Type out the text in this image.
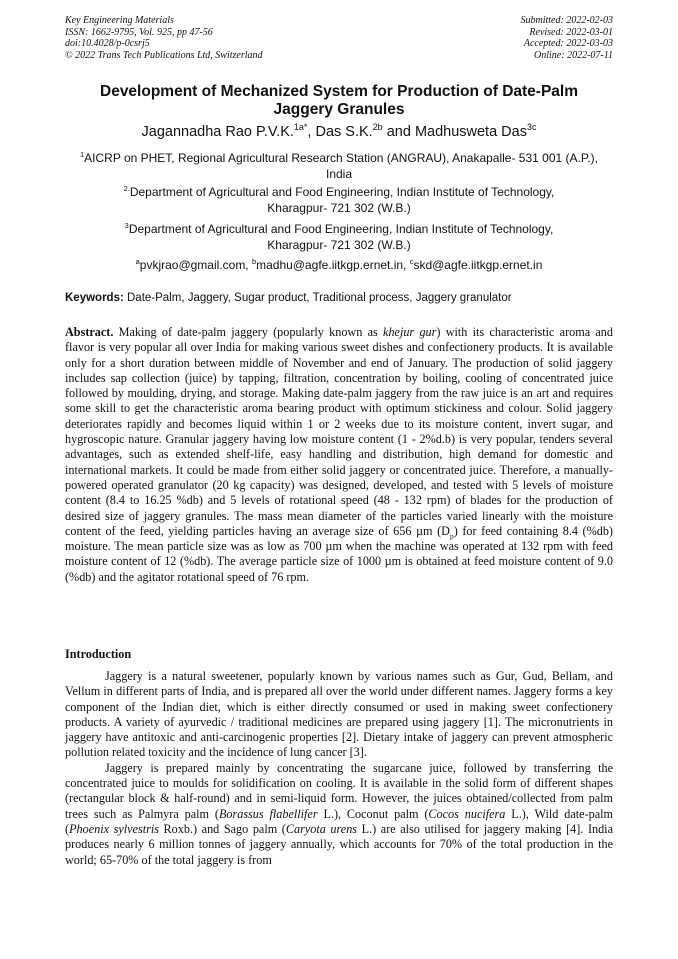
Key Engineering Materials
ISSN: 1662-9795, Vol. 925, pp 47-56
doi:10.4028/p-0csrj5
© 2022 Trans Tech Publications Ltd, Switzerland
Submitted: 2022-02-03
Revised: 2022-03-01
Accepted: 2022-03-03
Online: 2022-07-11
Development of Mechanized System for Production of Date-Palm
Jaggery Granules
Jagannadha Rao P.V.K.$^{1a*}$, Das S.K.$^{2b}$ and Madhusweta Das$^{3c}$
$^1$AICRP on PHET, Regional Agricultural Research Station (ANGRAU), Anakapalle- 531 001 (A.P.),
India
$^{2.}$Department of Agricultural and Food Engineering, Indian Institute of Technology,
Kharagpur- 721 302 (W.B.)
$^3$Department of Agricultural and Food Engineering, Indian Institute of Technology,
Kharagpur- 721 302 (W.B.)
$^a$pvkjrao@gmail.com, $^b$madhu@agfe.iitkgp.ernet.in, $^c$skd@agfe.iitkgp.ernet.in
Keywords: Date-Palm, Jaggery, Sugar product, Traditional process, Jaggery granulator
Abstract. Making of date-palm jaggery (popularly known as khejur gur) with its characteristic aroma and flavor is very popular all over India for making various sweet dishes and confectionery products. It is available only for a short duration between middle of November and end of January. The production of solid jaggery includes sap collection (juice) by tapping, filtration, concentration by boiling, cooling of concentrated juice followed by moulding, drying, and storage. Making date-palm jaggery from the raw juice is an art and requires some skill to get the characteristic aroma bearing product with optimum stickiness and colour. Solid jaggery deteriorates rapidly and becomes liquid within 1 or 2 weeks due to its moisture content, invert sugar, and hygroscopic nature. Granular jaggery having low moisture content (1 - 2%d.b) is very popular, tenders several advantages, such as extended shelf-life, easy handling and distribution, high demand for domestic and international markets. It could be made from either solid jaggery or concentrated juice. Therefore, a manually-powered operated granulator (20 kg capacity) was designed, developed, and tested with 5 levels of moisture content (8.4 to 16.25 %db) and 5 levels of rotational speed (48 - 132 rpm) of blades for the production of desired size of jaggery granules. The mass mean diameter of the particles varied linearly with the moisture content of the feed, yielding particles having an average size of 656 µm $(D_p)$ for feed containing 8.4 (%db) moisture. The mean particle size was as low as 700 µm when the machine was operated at 132 rpm with feed moisture content of 12 (%db). The average particle size of 1000 µm is obtained at feed moisture content of 9.0 (%db) and the agitator rotational speed of 76 rpm.
Introduction

Jaggery is a natural sweetener, popularly known by various names such as Gur, Gud, Bellam, and Vellum in different parts of India, and is prepared all over the world under different names. Jaggery forms a key component of the Indian diet, which is either directly consumed or used in making sweet confectionery products. A variety of ayurvedic / traditional medicines are prepared using jaggery [1]. The micronutrients in jaggery have antitoxic and anti-carcinogenic properties [2]. Dietary intake of jaggery can prevent atmospheric pollution related toxicity and the incidence of lung cancer [3].

Jaggery is prepared mainly by concentrating the sugarcane juice, followed by transferring the concentrated juice to moulds for solidification on cooling. It is available in the solid form of different shapes (rectangular block & half-round) and in semi-liquid form. However, the juices obtained/collected from palm trees such as Palmyra palm (Borassus flabellifer L.), Coconut palm (Cocos nucifera L.), Wild date-palm (Phoenix sylvestris Roxb.) and Sago palm (Caryota urens L.) are also utilised for jaggery making [4]. India produces nearly 6 million tonnes of jaggery annually, which accounts for 70% of the total production in the world; 65-70% of the total jaggery is from
